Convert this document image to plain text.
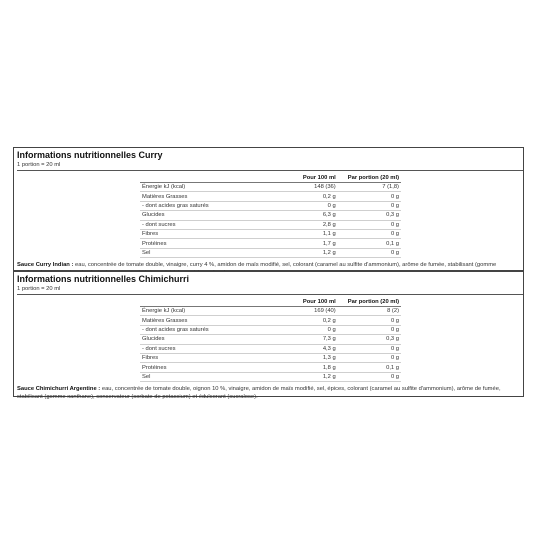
Informations nutritionnelles Curry
1 portion = 20 ml
Pour 100 ml	Par portion (20 ml)
Énergie kJ (kcal) 148 (36)	7 (1,8)
Matières Grasses 0,2 g	0 g
- dont acides gras saturés 0 g	0 g
Glucides 6,3 g	0,3 g
- dont sucres 2,8 g	0 g
Fibres 1,1 g	0 g
Protéines 1,7 g	0,1 g
Sel 1,2 g	0 g
Sauce Curry Indian : eau, concentrée de tomate double, vinaigre, curry 4 %, amidon de maïs modifié, sel, colorant (caramel au sulfite d'ammonium), arôme de fumée, stabilisant (gomme
Informations nutritionnelles Chimichurri
1 portion = 20 ml
Pour 100 ml	Par portion (20 ml)
Énergie kJ (kcal) 169 (40)	8 (2)
Matières Grasses 0,2 g	0 g
- dont acides gras saturés 0 g	0 g
Glucides 7,3 g	0,3 g
- dont sucres 4,3 g	0 g
Fibres 1,3 g	0 g
Protéines 1,8 g	0,1 g
Sel 1,2 g	0 g
Sauce Chimichurri Argentine : eau, concentrée de tomate double, oignon 10 %, vinaigre, amidon de maïs modifié, sel, épices, colorant (caramel au sulfite d'ammonium), arôme de fumée, stabilisant (gomme xanthane), conservateur (sorbate de potassium) et édulcorant (sucralose).
